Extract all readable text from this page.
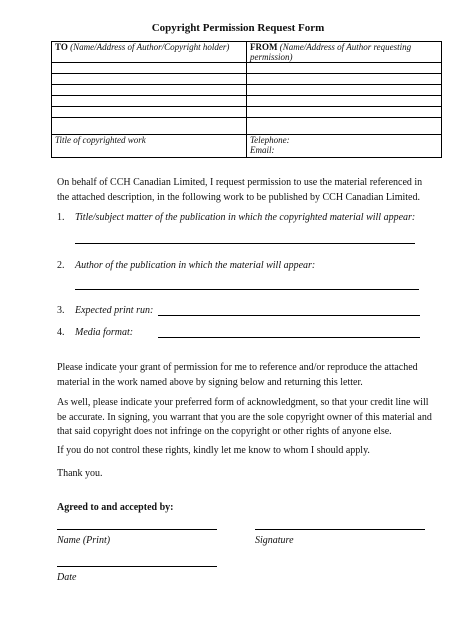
Copyright Permission Request Form
TO (Name/Address of Author/Copyright holder)	FROM (Name/Address of Author requesting
permission)

Title of copyrighted work	Telephone:
Email:
On behalf of CCH Canadian Limited, I request permission to use the material referenced in
the attached description, in the following work to be published by CCH Canadian Limited.
1. Title/subject matter of the publication in which the copyrighted material will appear:
2. Author of the publication in which the material will appear:
3. Expected print run:
4. Media format:
Please indicate your grant of permission for me to reference and/or reproduce the attached
material in the work named above by signing below and returning this letter.
As well, please indicate your preferred form of acknowledgment, so that your credit line will
be accurate. In signing, you warrant that you are the sole copyright owner of this material and
that said copyright does not infringe on the copyright or other rights of anyone else.
If you do not control these rights, kindly let me know to whom I should apply.
Thank you.
Agreed to and accepted by:
Name (Print)	Signature
Date
